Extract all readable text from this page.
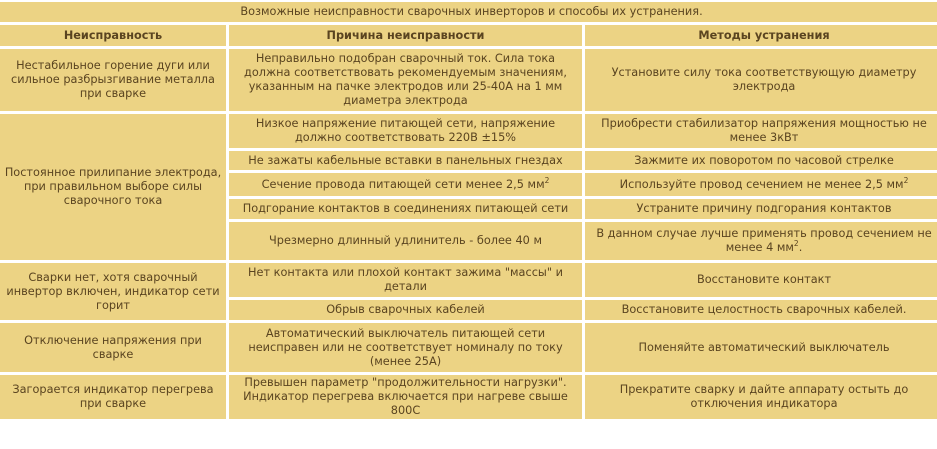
Возможные неисправности сварочных инверторов и способы их устранения.		
Неисправность	Причина неисправности	Методы устранения
Нестабильное горение дуги или сильное разбрызгивание металла при сварке	Неправильно подобран сварочный ток. Сила тока должна соответствовать рекомендуемым значениям, указанным на пачке электродов или 25-40А на 1 мм диаметра электрода	Установите силу тока соответствующую диаметру электрода
Постоянное прилипание электрода, при правильном выборе силы сварочного тока	Низкое напряжение питающей сети, напряжение должно соответствовать 220В ±15%	Приобрести стабилизатор напряжения мощностью не менее 3кВт
	Не зажаты кабельные вставки в панельных гнездах	Зажмите их поворотом по часовой стрелке
	Сечение провода питающей сети менее 2,5 $мм^2$	Используйте провод сечением не менее 2,5 $мм^2$
	Подгорание контактов в соединениях питающей сети	Устраните причину подгорания контактов
	Чрезмерно длинный удлинитель - более 40 м	В данном случае лучше применять провод сечением не менее 4 $мм^2$.
Сварки нет, хотя сварочный инвертор включен, индикатор сети горит	Нет контакта или плохой контакт зажима "массы" и детали	Восстановите контакт
	Обрыв сварочных кабелей	Восстановите целостность сварочных кабелей.
Отключение напряжения при сварке	Автоматический выключатель питающей сети неисправен или не соответствует номиналу по току (менее 25А)	Поменяйте автоматический выключатель
Загорается индикатор перегрева при сварке	Превышен параметр "продолжительности нагрузки". Индикатор перегрева включается при нагреве свыше 800С	Прекратите сварку и дайте аппарату остыть до отключения индикатора
